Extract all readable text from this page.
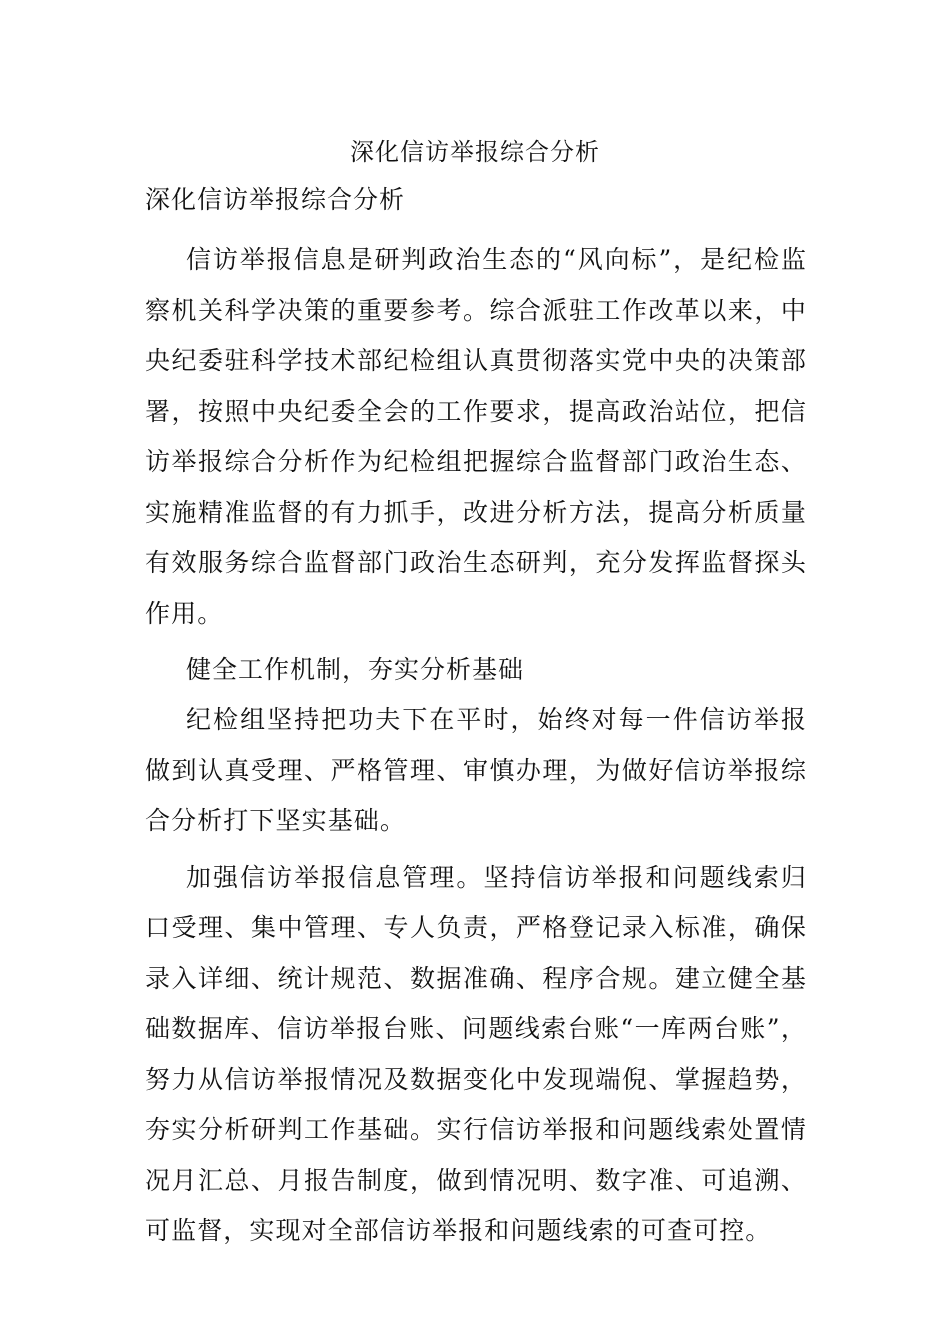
深化信访举报综合分析

深化信访举报综合分析

信访举报信息是研判政治生态的“风向标”，是纪检监察机关科学决策的重要参考。综合派驻工作改革以来，中央纪委驻科学技术部纪检组认真贯彻落实党中央的决策部署，按照中央纪委全会的工作要求，提高政治站位，把信访举报综合分析作为纪检组把握综合监督部门政治生态、实施精准监督的有力抓手，改进分析方法，提高分析质量有效服务综合监督部门政治生态研判，充分发挥监督探头作用。

健全工作机制，夯实分析基础

纪检组坚持把功夫下在平时，始终对每一件信访举报做到认真受理、严格管理、审慎办理，为做好信访举报综合分析打下坚实基础。

加强信访举报信息管理。坚持信访举报和问题线索归口受理、集中管理、专人负责，严格登记录入标准，确保录入详细、统计规范、数据准确、程序合规。建立健全基础数据库、信访举报台账、问题线索台账“一库两台账”，努力从信访举报情况及数据变化中发现端倪、掌握趋势，夯实分析研判工作基础。实行信访举报和问题线索处置情况月汇总、月报告制度，做到情况明、数字准、可追溯、可监督，实现对全部信访举报和问题线索的可查可控。
